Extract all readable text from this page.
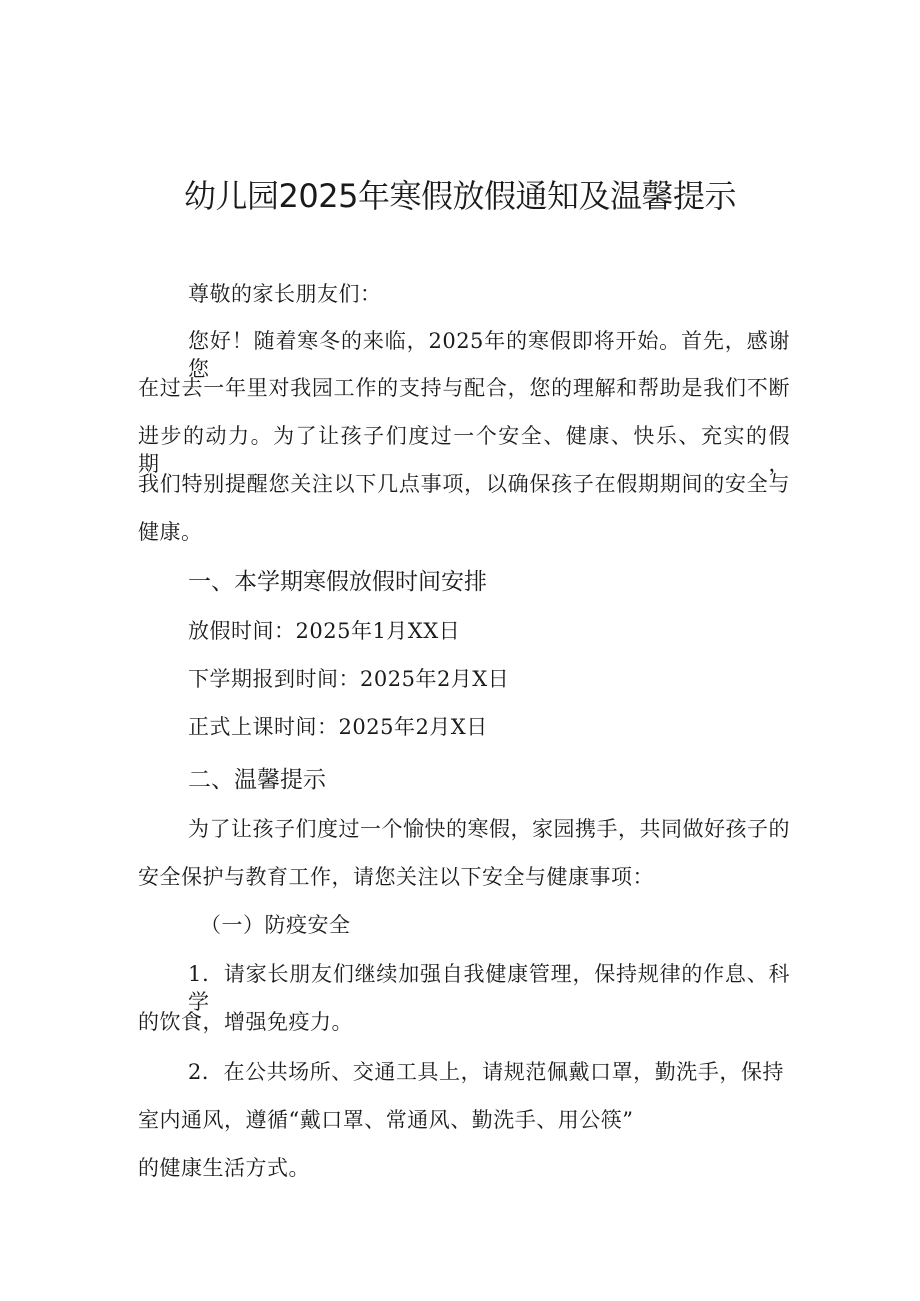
幼儿园2025年寒假放假通知及温馨提示

尊敬的家长朋友们：

您好！随着寒冬的来临，2025年的寒假即将开始。首先，感谢您

在过去一年里对我园工作的支持与配合，您的理解和帮助是我们不断

进步的动力。为了让孩子们度过一个安全、健康、快乐、充实的假期，

我们特别提醒您关注以下几点事项，以确保孩子在假期期间的安全与

健康。

一、本学期寒假放假时间安排

放假时间：2025年1月XX日

下学期报到时间：2025年2月X日

正式上课时间：2025年2月X日

二、温馨提示

为了让孩子们度过一个愉快的寒假，家园携手，共同做好孩子的

安全保护与教育工作，请您关注以下安全与健康事项：

（一）防疫安全

1．请家长朋友们继续加强自我健康管理，保持规律的作息、科学

的饮食，增强免疫力。

2．在公共场所、交通工具上，请规范佩戴口罩，勤洗手，保持

室内通风，遵循“戴口罩、常通风、勤洗手、用公筷”

的健康生活方式。
